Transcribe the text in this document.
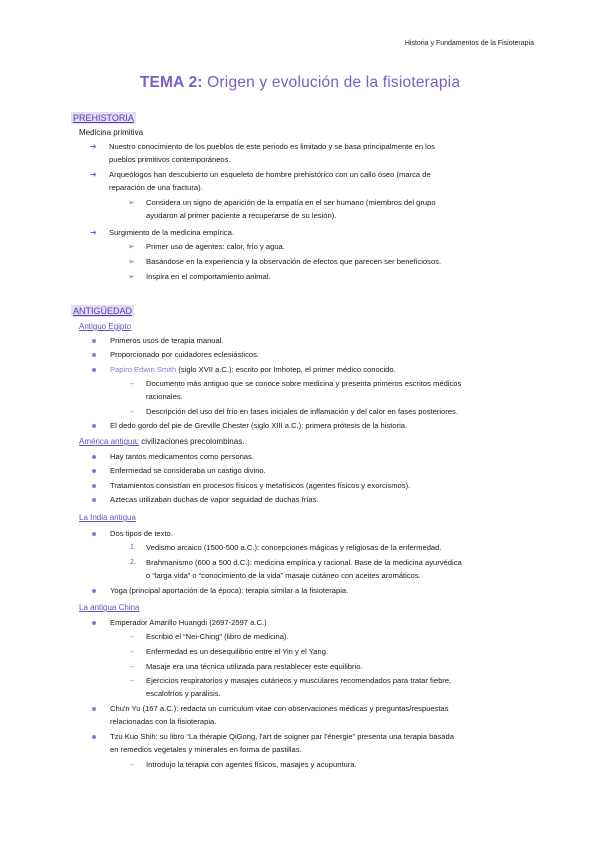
Historia y Fundamentos de la Fisioterapia
TEMA 2: Origen y evolución de la fisioterapia
PREHISTORIA
Medicina primitiva
➔ Nuestro conocimiento de los pueblos de este periodo es limitado y se basa principalmente en los
pueblos primitivos contemporáneos.
➔ Arqueólogos han descubierto un esqueleto de hombre prehistórico con un callo óseo (marca de
reparación de una fractura).
➢ Considera un signo de aparición de la empatía en el ser humano (miembros del grupo
ayudaron al primer paciente a recuperarse de su lesión).
➔ Surgimiento de la medicina empírica.
➢ Primer uso de agentes: calor, frío y agua.
➢ Basándose en la experiencia y la observación de efectos que parecen ser beneficiosos.
➢ Inspira en el comportamiento animal.
ANTIGÜEDAD
Antiguo Egipto
Primeros usos de terapia manual.
Proporcionado por cuidadores eclesiásticos.
Papiro Edwin Smith (siglo XVII a.C.): escrito por Imhotep, el primer médico conocido.
→ Documento más antiguo que se conoce sobre medicina y presenta primeros escritos médicos
racionales.
→ Descripción del uso del frío en fases iniciales de inflamación y del calor en fases posteriores.
El dedo gordo del pie de Greville Chester (siglo XIII a.C.): primera prótesis de la historia.
América antigua: civilizaciones precolombinas.
Hay tantos medicamentos como personas.
Enfermedad se consideraba un castigo divino.
Tratamientos consistían en procesos físicos y metafísicos (agentes físicos y exorcismos).
Aztecas utilizaban duchas de vapor seguidad de duchas frías.
La India antigua
Dos tipos de texto.
1. Vedismo arcaico (1500-500 a.C.): concepciones mágicas y religiosas de la enfermedad.
2. Brahmanismo (600 a 500 d.C.): medicina empírica y racional. Base de la medicina ayurvédica
o “larga vida” o “conocimiento de la vida” masaje cutáneo con aceites aromáticos.
Yoga (principal aportación de la época): terapia similar a la fisioterapia.
La antigua China
Emperador Amarillo Huangdi (2697-2597 a.C.)
→ Escribió el “Nei-Ching” (libro de medicina).
→ Enfermedad es un desequilibrio entre el Yin y el Yang.
→ Masaje era una técnica utilizada para restablecer este equilibrio.
→ Ejercicios respiratorios y masajes cutáneos y musculares recomendados para tratar fiebre,
escalofríos y parálisis.
Chu'n Yu (167 a.C.): redacta un curriculum vitae con observaciones médicas y preguntas/respuestas
relacionadas con la fisioterapia.
Tzu Kuo Shih: su libro “La thérapie QiGong, l'art de soigner par l'énergie” presenta una terapia basada
en remedios vegetales y minerales en forma de pastillas.
→ Introdujo la terapia con agentes físicos, masajes y acupuntura.
